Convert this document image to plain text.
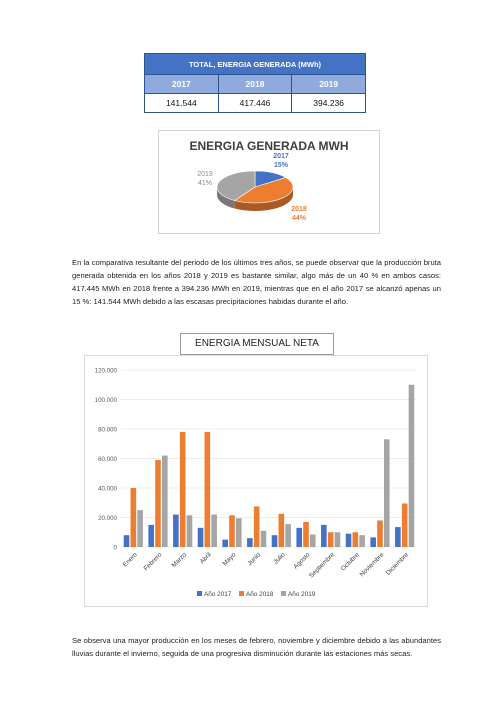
TOTAL, ENERGIA GENERADA (MWh)		
2017	2018	2019
141.544	417.446	394.236
2017
15%
2018
44%
2019
41%
ENERGIA GENERADA MWH
En la comparativa resultante del periodo de los últimos tres años, se puede observar que la producción bruta generada obtenida en los años 2018 y 2019 es bastante similar, algo más de un 40 % en ambos casos: 417.445 MWh en 2018 frente a 394.236 MWh en 2019, mientras que en el año 2017 se alcanzó apenas un 15 %: 141.544 MWh debido a las escasas precipitaciones habidas durante el año.
ENERGIA MENSUAL NETA
0
20.000
40.000
60.000
80.000
100.000
120.000
Enero Febrero Marzo Abril Mayo Junio Julio Agosto
Septiembre Octubre
Noviembre Diciembre
Año 2017 Año 2018 Año 2019
Se observa una mayor producción en los meses de febrero, noviembre y diciembre debido a las abundantes lluvias durante el invierno, seguida de una progresiva disminución durante las estaciones más secas.
